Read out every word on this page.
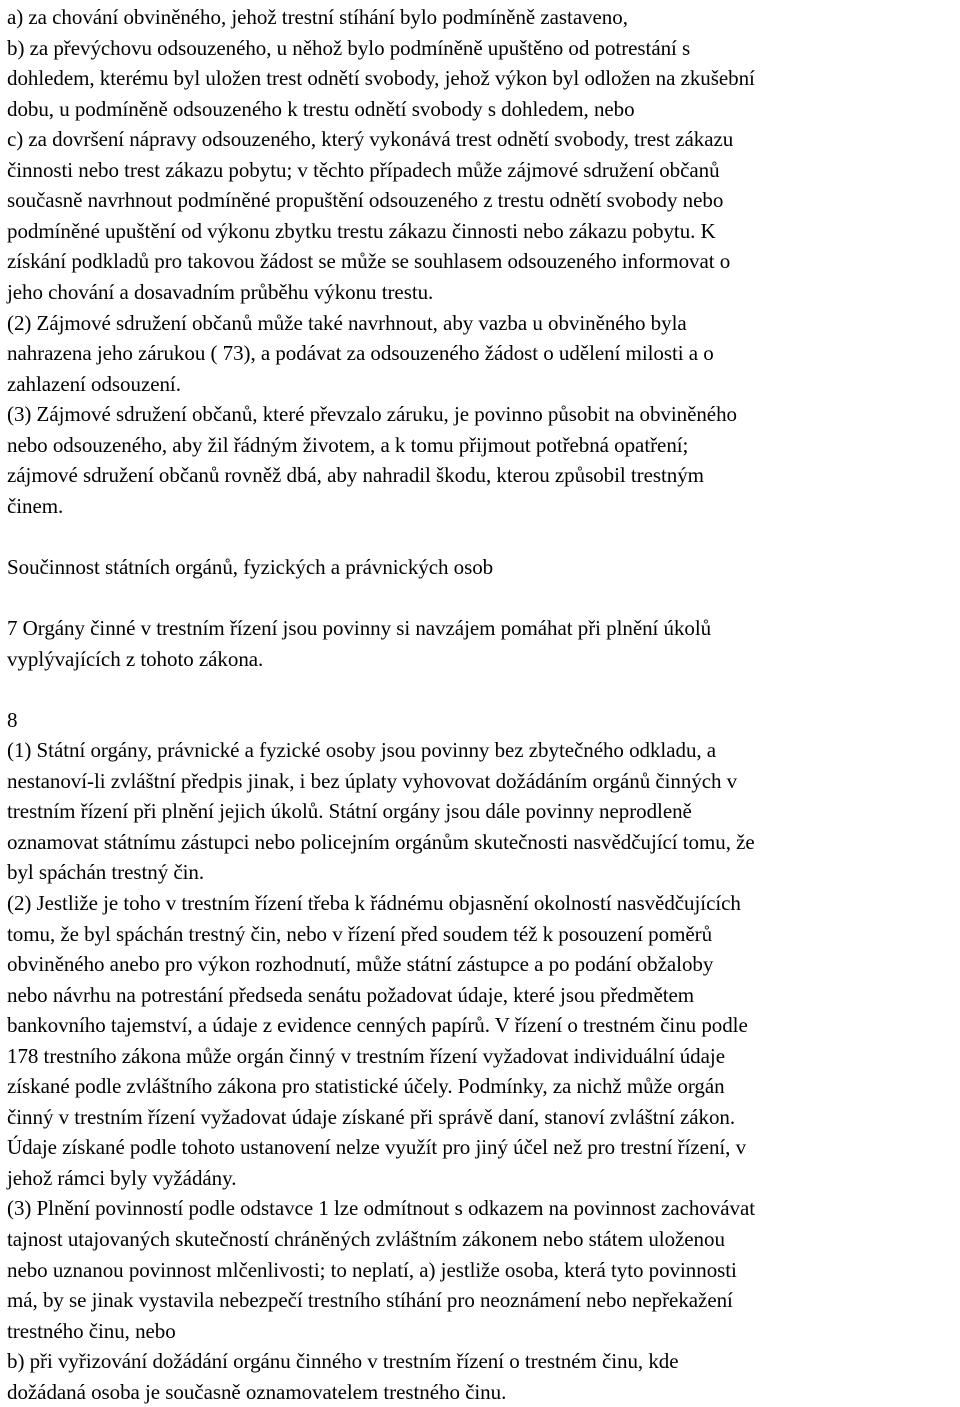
a) za chování obviněného, jehož trestní stíhání bylo podmíněně zastaveno,
b) za převýchovu odsouzeného, u něhož bylo podmíněně upuštěno od potrestání s
dohledem, kterému byl uložen trest odnětí svobody, jehož výkon byl odložen na zkušební
dobu, u podmíněně odsouzeného k trestu odnětí svobody s dohledem, nebo
c) za dovršení nápravy odsouzeného, který vykonává trest odnětí svobody, trest zákazu
činnosti nebo trest zákazu pobytu; v těchto případech může zájmové sdružení občanů
současně navrhnout podmíněné propuštění odsouzeného z trestu odnětí svobody nebo
podmíněné upuštění od výkonu zbytku trestu zákazu činnosti nebo zákazu pobytu. K
získání podkladů pro takovou žádost se může se souhlasem odsouzeného informovat o
jeho chování a dosavadním průběhu výkonu trestu.
(2) Zájmové sdružení občanů může také navrhnout, aby vazba u obviněného byla
nahrazena jeho zárukou ( 73), a podávat za odsouzeného žádost o udělení milosti a o
zahlazení odsouzení.
(3) Zájmové sdružení občanů, které převzalo záruku, je povinno působit na obviněného
nebo odsouzeného, aby žil řádným životem, a k tomu přijmout potřebná opatření;
zájmové sdružení občanů rovněž dbá, aby nahradil škodu, kterou způsobil trestným
činem.
Součinnost státních orgánů, fyzických a právnických osob
7 Orgány činné v trestním řízení jsou povinny si navzájem pomáhat při plnění úkolů
vyplývajících z tohoto zákona.
8
(1) Státní orgány, právnické a fyzické osoby jsou povinny bez zbytečného odkladu, a
nestanoví-li zvláštní předpis jinak, i bez úplaty vyhovovat dožádáním orgánů činných v
trestním řízení při plnění jejich úkolů. Státní orgány jsou dále povinny neprodleně
oznamovat státnímu zástupci nebo policejním orgánům skutečnosti nasvědčující tomu, že
byl spáchán trestný čin.
(2) Jestliže je toho v trestním řízení třeba k řádnému objasnění okolností nasvědčujících
tomu, že byl spáchán trestný čin, nebo v řízení před soudem též k posouzení poměrů
obviněného anebo pro výkon rozhodnutí, může státní zástupce a po podání obžaloby
nebo návrhu na potrestání předseda senátu požadovat údaje, které jsou předmětem
bankovního tajemství, a údaje z evidence cenných papírů. V řízení o trestném činu podle
178 trestního zákona může orgán činný v trestním řízení vyžadovat individuální údaje
získané podle zvláštního zákona pro statistické účely. Podmínky, za nichž může orgán
činný v trestním řízení vyžadovat údaje získané při správě daní, stanoví zvláštní zákon.
Údaje získané podle tohoto ustanovení nelze využít pro jiný účel než pro trestní řízení, v
jehož rámci byly vyžádány.
(3) Plnění povinností podle odstavce 1 lze odmítnout s odkazem na povinnost zachovávat
tajnost utajovaných skutečností chráněných zvláštním zákonem nebo státem uloženou
nebo uznanou povinnost mlčenlivosti; to neplatí, a) jestliže osoba, která tyto povinnosti
má, by se jinak vystavila nebezpečí trestního stíhání pro neoznámení nebo nepřekažení
trestného činu, nebo
b) při vyřizování dožádání orgánu činného v trestním řízení o trestném činu, kde
dožádaná osoba je současně oznamovatelem trestného činu.
